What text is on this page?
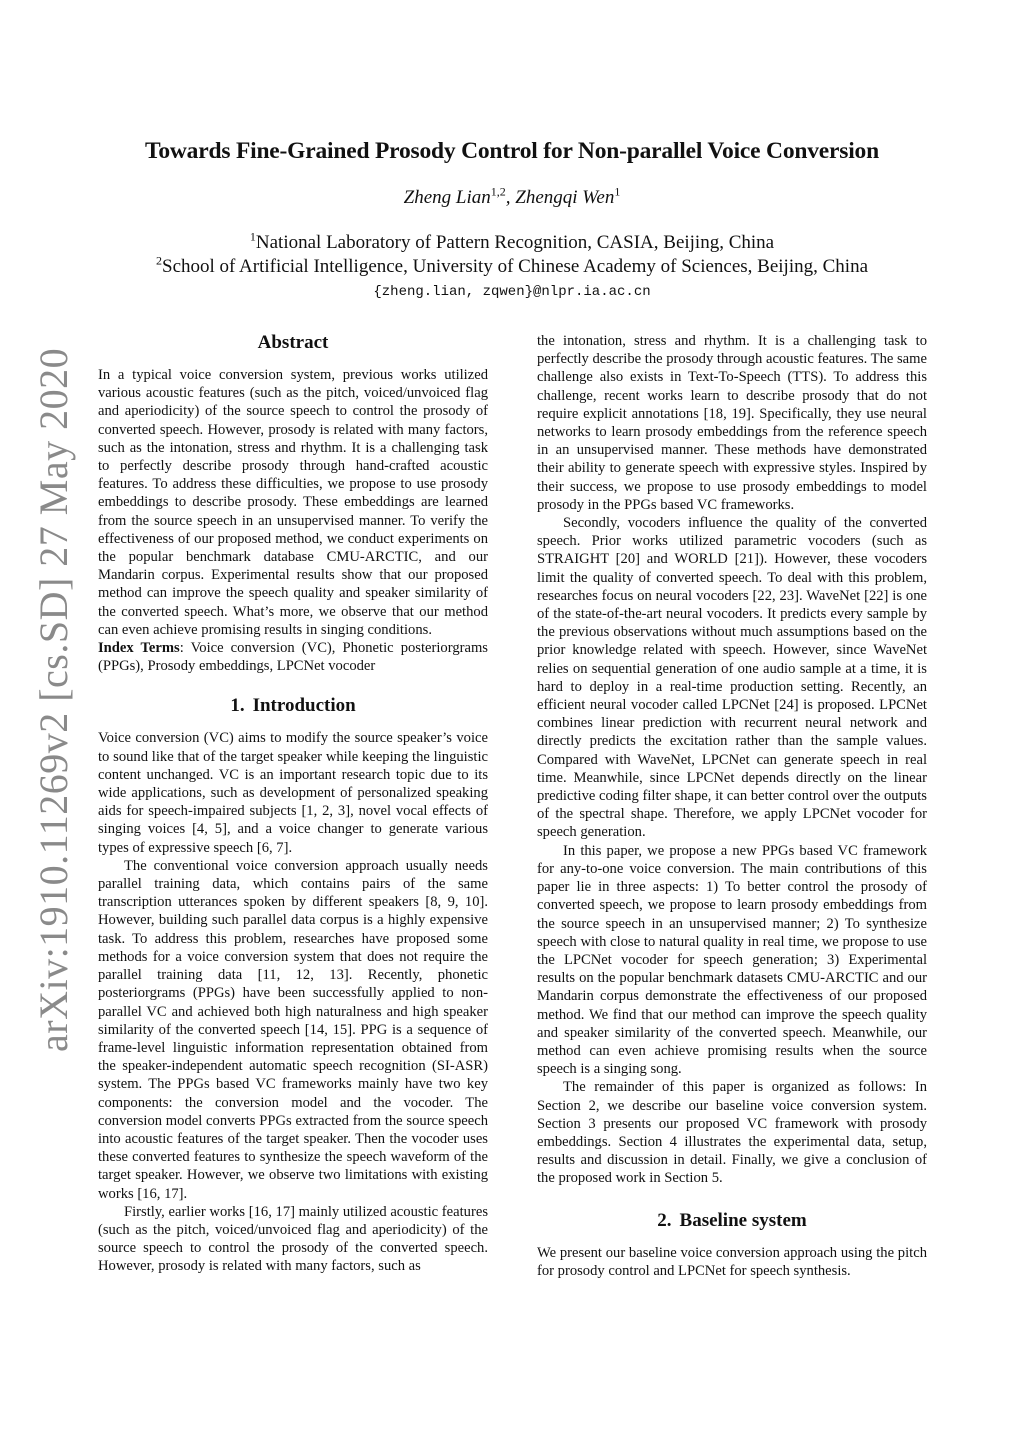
arXiv:1910.11269v2 [cs.SD] 27 May 2020
Towards Fine-Grained Prosody Control for Non-parallel Voice Conversion
Zheng Lian$^{1,2}$, Zhengqi Wen$^1$
$^1$National Laboratory of Pattern Recognition, CASIA, Beijing, China
$^2$School of Artificial Intelligence, University of Chinese Academy of Sciences, Beijing, China
{zheng.lian, zqwen}@nlpr.ia.ac.cn
Abstract

In a typical voice conversion system, previous works utilized various acoustic features (such as the pitch, voiced/unvoiced flag and aperiodicity) of the source speech to control the prosody of converted speech. However, prosody is related with many factors, such as the intonation, stress and rhythm. It is a challenging task to perfectly describe prosody through hand-crafted acoustic features. To address these difficulties, we propose to use prosody embeddings to describe prosody. These embeddings are learned from the source speech in an unsupervised manner. To verify the effectiveness of our proposed method, we conduct experiments on the popular benchmark database CMU-ARCTIC, and our Mandarin corpus. Experimental results show that our proposed method can improve the speech quality and speaker similarity of the converted speech. What’s more, we observe that our method can even achieve promising results in singing conditions.

Index Terms: Voice conversion (VC), Phonetic posteriorgrams (PPGs), Prosody embeddings, LPCNet vocoder

1. Introduction

Voice conversion (VC) aims to modify the source speaker’s voice to sound like that of the target speaker while keeping the linguistic content unchanged. VC is an important research topic due to its wide applications, such as development of personalized speaking aids for speech-impaired subjects [1, 2, 3], novel vocal effects of singing voices [4, 5], and a voice changer to generate various types of expressive speech [6, 7].

The conventional voice conversion approach usually needs parallel training data, which contains pairs of the same transcription utterances spoken by different speakers [8, 9, 10]. However, building such parallel data corpus is a highly expensive task. To address this problem, researches have proposed some methods for a voice conversion system that does not require the parallel training data [11, 12, 13]. Recently, phonetic posteriorgrams (PPGs) have been successfully applied to non-parallel VC and achieved both high naturalness and high speaker similarity of the converted speech [14, 15]. PPG is a sequence of frame-level linguistic information representation obtained from the speaker-independent automatic speech recognition (SI-ASR) system. The PPGs based VC frameworks mainly have two key components: the conversion model and the vocoder. The conversion model converts PPGs extracted from the source speech into acoustic features of the target speaker. Then the vocoder uses these converted features to synthesize the speech waveform of the target speaker. However, we observe two limitations with existing works [16, 17].

Firstly, earlier works [16, 17] mainly utilized acoustic features (such as the pitch, voiced/unvoiced flag and aperiodicity) of the source speech to control the prosody of the converted speech. However, prosody is related with many factors, such as

the intonation, stress and rhythm. It is a challenging task to perfectly describe the prosody through acoustic features. The same challenge also exists in Text-To-Speech (TTS). To address this challenge, recent works learn to describe prosody that do not require explicit annotations [18, 19]. Specifically, they use neural networks to learn prosody embeddings from the reference speech in an unsupervised manner. These methods have demonstrated their ability to generate speech with expressive styles. Inspired by their success, we propose to use prosody embeddings to model prosody in the PPGs based VC frameworks.

Secondly, vocoders influence the quality of the converted speech. Prior works utilized parametric vocoders (such as STRAIGHT [20] and WORLD [21]). However, these vocoders limit the quality of converted speech. To deal with this problem, researches focus on neural vocoders [22, 23]. WaveNet [22] is one of the state-of-the-art neural vocoders. It predicts every sample by the previous observations without much assumptions based on the prior knowledge related with speech. However, since WaveNet relies on sequential generation of one audio sample at a time, it is hard to deploy in a real-time production setting. Recently, an efficient neural vocoder called LPCNet [24] is proposed. LPCNet combines linear prediction with recurrent neural network and directly predicts the excitation rather than the sample values. Compared with WaveNet, LPCNet can generate speech in real time. Meanwhile, since LPCNet depends directly on the linear predictive coding filter shape, it can better control over the outputs of the spectral shape. Therefore, we apply LPCNet vocoder for speech generation.

In this paper, we propose a new PPGs based VC framework for any-to-one voice conversion. The main contributions of this paper lie in three aspects: 1) To better control the prosody of converted speech, we propose to learn prosody embeddings from the source speech in an unsupervised manner; 2) To synthesize speech with close to natural quality in real time, we propose to use the LPCNet vocoder for speech generation; 3) Experimental results on the popular benchmark datasets CMU-ARCTIC and our Mandarin corpus demonstrate the effectiveness of our proposed method. We find that our method can improve the speech quality and speaker similarity of the converted speech. Meanwhile, our method can even achieve promising results when the source speech is a singing song.

The remainder of this paper is organized as follows: In Section 2, we describe our baseline voice conversion system. Section 3 presents our proposed VC framework with prosody embeddings. Section 4 illustrates the experimental data, setup, results and discussion in detail. Finally, we give a conclusion of the proposed work in Section 5.

2. Baseline system

We present our baseline voice conversion approach using the pitch for prosody control and LPCNet for speech synthesis.
